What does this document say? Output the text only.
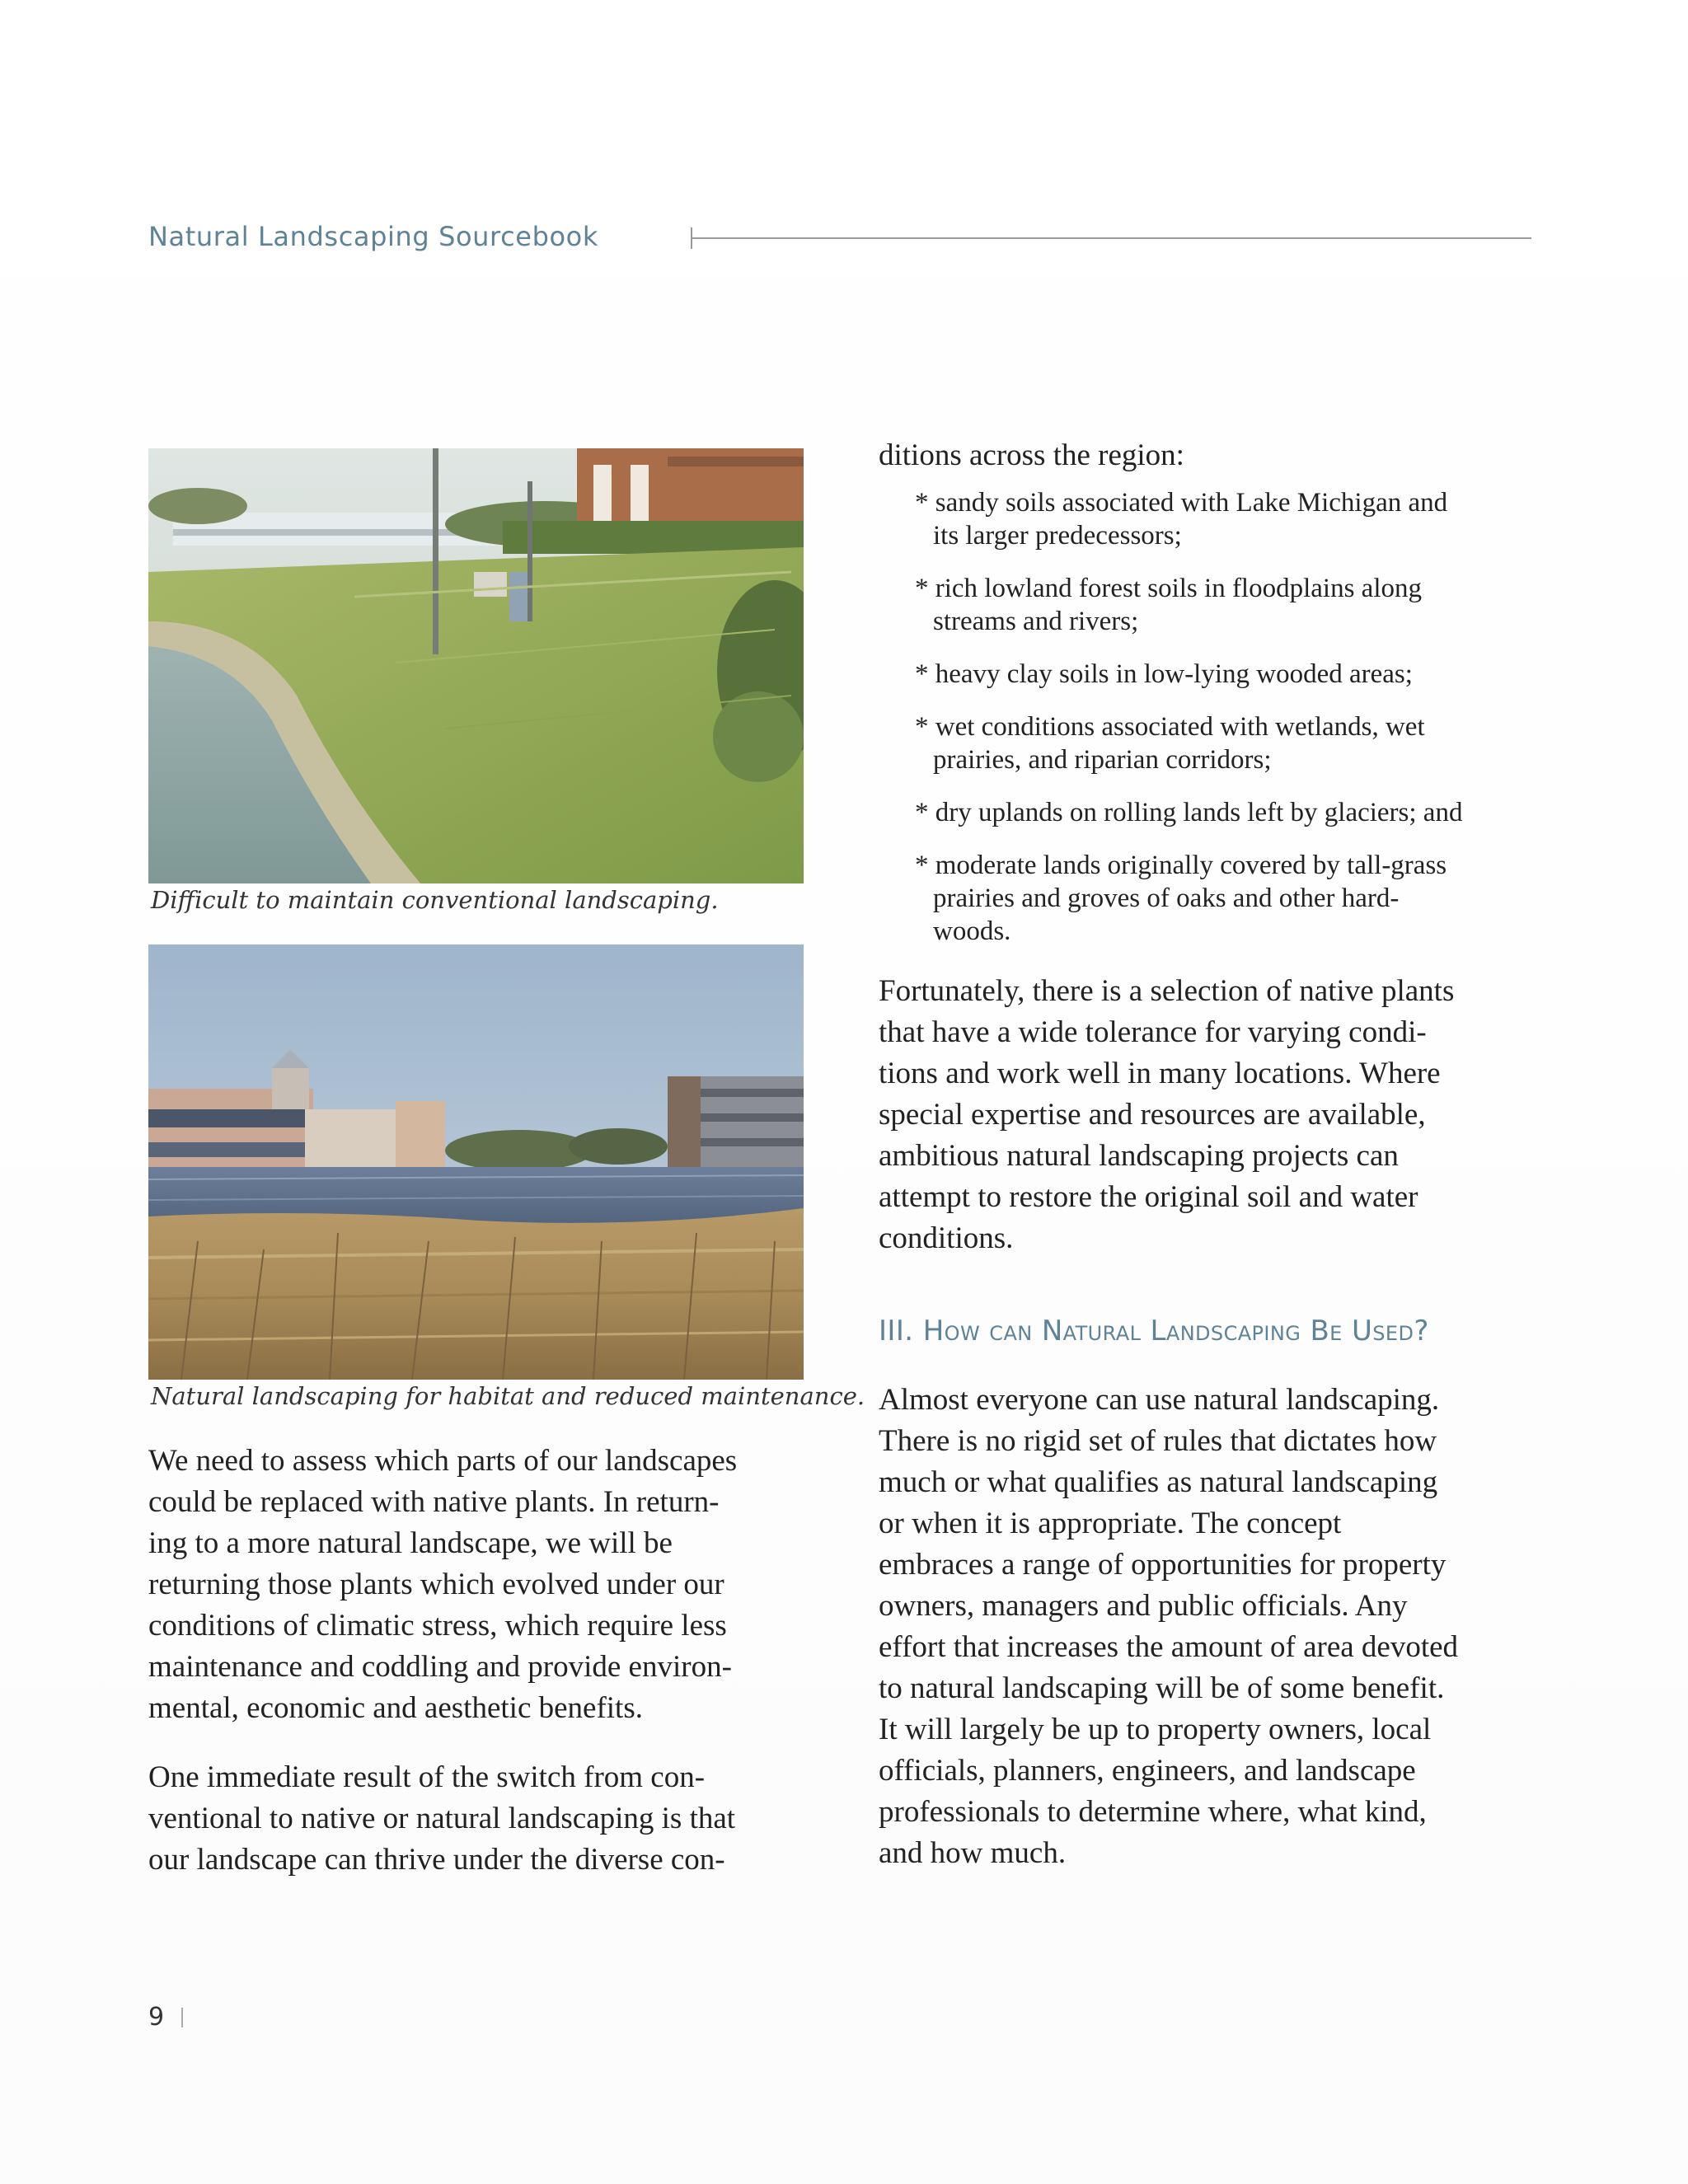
Natural Landscaping Sourcebook
Difficult to maintain conventional landscaping.
Natural landscaping for habitat and reduced maintenance.

We need to assess which parts of our landscapes
could be replaced with native plants. In return-
ing to a more natural landscape, we will be
returning those plants which evolved under our
conditions of climatic stress, which require less
maintenance and coddling and provide environ-
mental, economic and aesthetic benefits.

One immediate result of the switch from con-
ventional to native or natural landscaping is that
our landscape can thrive under the diverse con-

ditions across the region:

* sandy soils associated with Lake Michigan and
its larger predecessors;
* rich lowland forest soils in floodplains along
streams and rivers;
* heavy clay soils in low-lying wooded areas;
* wet conditions associated with wetlands, wet
prairies, and riparian corridors;
* dry uplands on rolling lands left by glaciers; and
* moderate lands originally covered by tall-grass
prairies and groves of oaks and other hard-
woods.

Fortunately, there is a selection of native plants
that have a wide tolerance for varying condi-
tions and work well in many locations. Where
special expertise and resources are available,
ambitious natural landscaping projects can
attempt to restore the original soil and water
conditions.

III. How can Natural Landscaping Be Used?

Almost everyone can use natural landscaping.
There is no rigid set of rules that dictates how
much or what qualifies as natural landscaping
or when it is appropriate. The concept
embraces a range of opportunities for property
owners, managers and public officials. Any
effort that increases the amount of area devoted
to natural landscaping will be of some benefit.
It will largely be up to property owners, local
officials, planners, engineers, and landscape
professionals to determine where, what kind,
and how much.

9
